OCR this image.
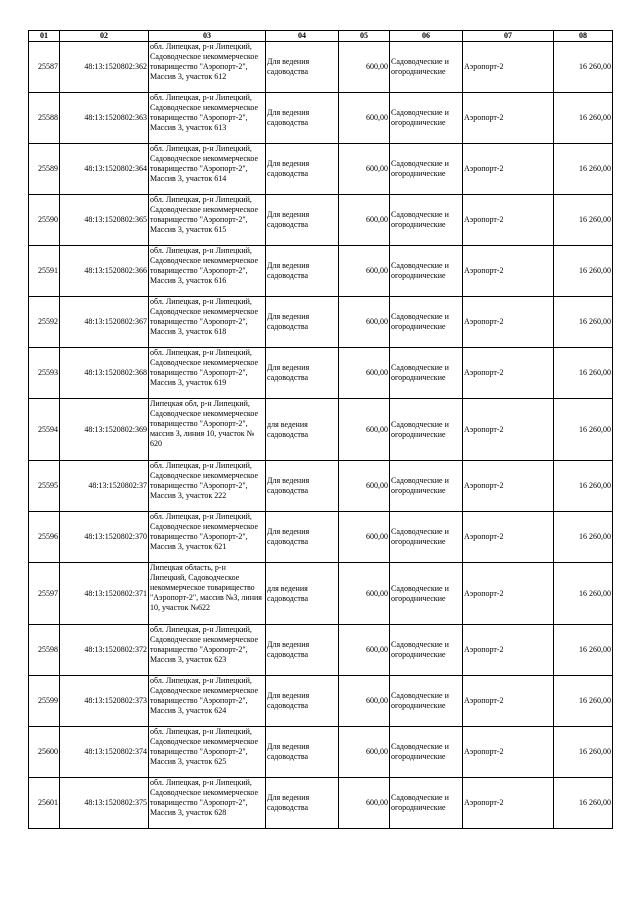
01	02	03	04	05	06	07	08
25587	48:13:1520802:362	обл. Липецкая, р-н Липецкий, Садоводческое некоммерческое товарищество "Аэропорт-2", Массив 3, участок 612	Для ведения садоводства	600,00	Садоводческие и огороднические	Аэропорт-2	16 260,00
25588	48:13:1520802:363	обл. Липецкая, р-н Липецкий, Садоводческое некоммерческое товарищество "Аэропорт-2", Массив 3, участок 613	Для ведения садоводства	600,00	Садоводческие и огороднические	Аэропорт-2	16 260,00
25589	48:13:1520802:364	обл. Липецкая, р-н Липецкий, Садоводческое некоммерческое товарищество "Аэропорт-2", Массив 3, участок 614	Для ведения садоводства	600,00	Садоводческие и огороднические	Аэропорт-2	16 260,00
25590	48:13:1520802:365	обл. Липецкая, р-н Липецкий, Садоводческое некоммерческое товарищество "Аэропорт-2", Массив 3, участок 615	Для ведения садоводства	600,00	Садоводческие и огороднические	Аэропорт-2	16 260,00
25591	48:13:1520802:366	обл. Липецкая, р-н Липецкий, Садоводческое некоммерческое товарищество "Аэропорт-2", Массив 3, участок 616	Для ведения садоводства	600,00	Садоводческие и огороднические	Аэропорт-2	16 260,00
25592	48:13:1520802:367	обл. Липецкая, р-н Липецкий, Садоводческое некоммерческое товарищество "Аэропорт-2", Массив 3, участок 618	Для ведения садоводства	600,00	Садоводческие и огороднические	Аэропорт-2	16 260,00
25593	48:13:1520802:368	обл. Липецкая, р-н Липецкий, Садоводческое некоммерческое товарищество "Аэропорт-2", Массив 3, участок 619	Для ведения садоводства	600,00	Садоводческие и огороднические	Аэропорт-2	16 260,00
25594	48:13:1520802:369	Липецкая обл, р-н Липецкий, Садоводческое некоммерческое товарищество "Аэропорт-2", массив 3, линия 10, участок № 620	для ведения садоводства	600,00	Садоводческие и огороднические	Аэропорт-2	16 260,00
25595	48:13:1520802:37	обл. Липецкая, р-н Липецкий, Садоводческое некоммерческое товарищество "Аэропорт-2", Массив 3, участок 222	Для ведения садоводства	600,00	Садоводческие и огороднические	Аэропорт-2	16 260,00
25596	48:13:1520802:370	обл. Липецкая, р-н Липецкий, Садоводческое некоммерческое товарищество "Аэропорт-2", Массив 3, участок 621	Для ведения садоводства	600,00	Садоводческие и огороднические	Аэропорт-2	16 260,00
25597	48:13:1520802:371	Липецкая область, р-н Липецкий, Садоводческое некоммерческое товарищество "Аэропорт-2", массив №3, линия 10, участок №622	для ведения садоводства	600,00	Садоводческие и огороднические	Аэропорт-2	16 260,00
25598	48:13:1520802:372	обл. Липецкая, р-н Липецкий, Садоводческое некоммерческое товарищество "Аэропорт-2", Массив 3, участок 623	Для ведения садоводства	600,00	Садоводческие и огороднические	Аэропорт-2	16 260,00
25599	48:13:1520802:373	обл. Липецкая, р-н Липецкий, Садоводческое некоммерческое товарищество "Аэропорт-2", Массив 3, участок 624	Для ведения садоводства	600,00	Садоводческие и огороднические	Аэропорт-2	16 260,00
25600	48:13:1520802:374	обл. Липецкая, р-н Липецкий, Садоводческое некоммерческое товарищество "Аэропорт-2", Массив 3, участок 625	Для ведения садоводства	600,00	Садоводческие и огороднические	Аэропорт-2	16 260,00
25601	48:13:1520802:375	обл. Липецкая, р-н Липецкий, Садоводческое некоммерческое товарищество "Аэропорт-2", Массив 3, участок 628	Для ведения садоводства	600,00	Садоводческие и огороднические	Аэропорт-2	16 260,00
